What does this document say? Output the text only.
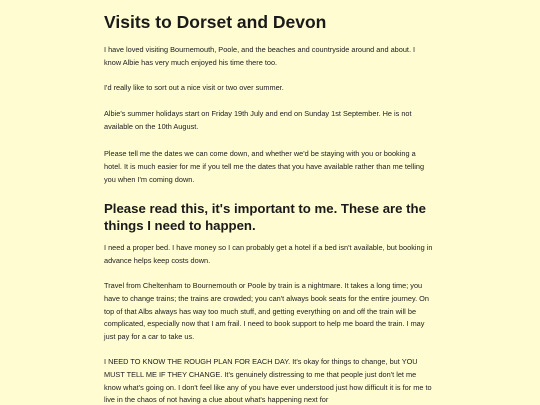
Visits to Dorset and Devon

I have loved visiting Bournemouth, Poole, and the beaches and countryside around and about. I know Albie has very much enjoyed his time there too.

I'd really like to sort out a nice visit or two over summer.

Albie's summer holidays start on Friday 19th July and end on Sunday 1st September. He is not available on the 10th August.

Please tell me the dates we can come down, and whether we'd be staying with you or booking a hotel. It is much easier for me if you tell me the dates that you have available rather than me telling you when I'm coming down.

Please read this, it's important to me. These are the things I need to happen.

I need a proper bed. I have money so I can probably get a hotel if a bed isn't available, but booking in advance helps keep costs down.

Travel from Cheltenham to Bournemouth or Poole by train is a nightmare. It takes a long time; you have to change trains; the trains are crowded; you can't always book seats for the entire journey. On top of that Albs always has way too much stuff, and getting everything on and off the train will be complicated, especially now that I am frail. I need to book support to help me board the train. I may just pay for a car to take us.

I NEED TO KNOW THE ROUGH PLAN FOR EACH DAY. It's okay for things to change, but YOU MUST TELL ME IF THEY CHANGE. It's genuinely distressing to me that people just don't let me know what's going on. I don't feel like any of you have ever understood just how difficult it is for me to live in the chaos of not having a clue about what's happening next for
